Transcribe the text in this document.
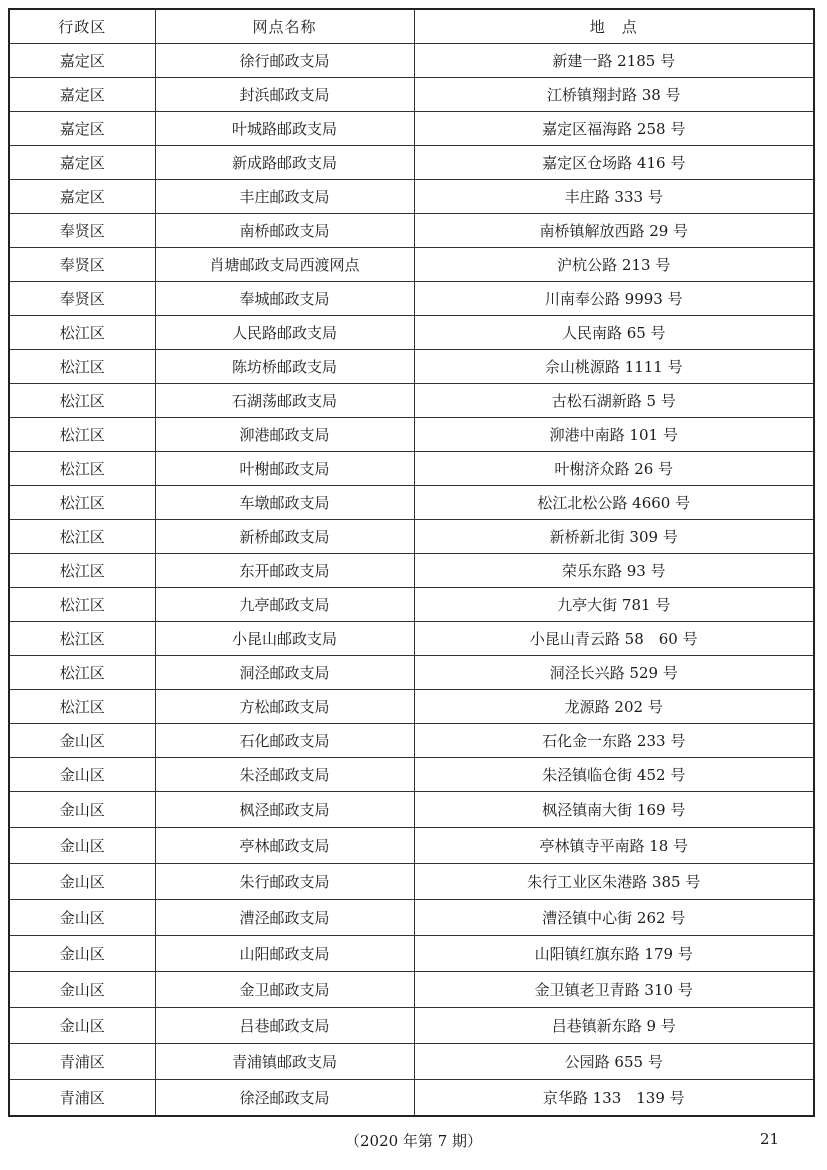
行政区	网点名称	地　点
嘉定区	徐行邮政支局	新建一路 2185 号
嘉定区	封浜邮政支局	江桥镇翔封路 38 号
嘉定区	叶城路邮政支局	嘉定区福海路 258 号
嘉定区	新成路邮政支局	嘉定区仓场路 416 号
嘉定区	丰庄邮政支局	丰庄路 333 号
奉贤区	南桥邮政支局	南桥镇解放西路 29 号
奉贤区	肖塘邮政支局西渡网点	沪杭公路 213 号
奉贤区	奉城邮政支局	川南奉公路 9993 号
松江区	人民路邮政支局	人民南路 65 号
松江区	陈坊桥邮政支局	佘山桃源路 1111 号
松江区	石湖荡邮政支局	古松石湖新路 5 号
松江区	泖港邮政支局	泖港中南路 101 号
松江区	叶榭邮政支局	叶榭济众路 26 号
松江区	车墩邮政支局	松江北松公路 4660 号
松江区	新桥邮政支局	新桥新北街 309 号
松江区	东开邮政支局	荣乐东路 93 号
松江区	九亭邮政支局	九亭大街 781 号
松江区	小昆山邮政支局	小昆山青云路 58　60 号
松江区	洞泾邮政支局	洞泾长兴路 529 号
松江区	方松邮政支局	龙源路 202 号
金山区	石化邮政支局	石化金一东路 233 号
金山区	朱泾邮政支局	朱泾镇临仓街 452 号
金山区	枫泾邮政支局	枫泾镇南大街 169 号
金山区	亭林邮政支局	亭林镇寺平南路 18 号
金山区	朱行邮政支局	朱行工业区朱港路 385 号
金山区	漕泾邮政支局	漕泾镇中心街 262 号
金山区	山阳邮政支局	山阳镇红旗东路 179 号
金山区	金卫邮政支局	金卫镇老卫青路 310 号
金山区	吕巷邮政支局	吕巷镇新东路 9 号
青浦区	青浦镇邮政支局	公园路 655 号
青浦区	徐泾邮政支局	京华路 133　139 号
（2020 年第 7 期）	21
